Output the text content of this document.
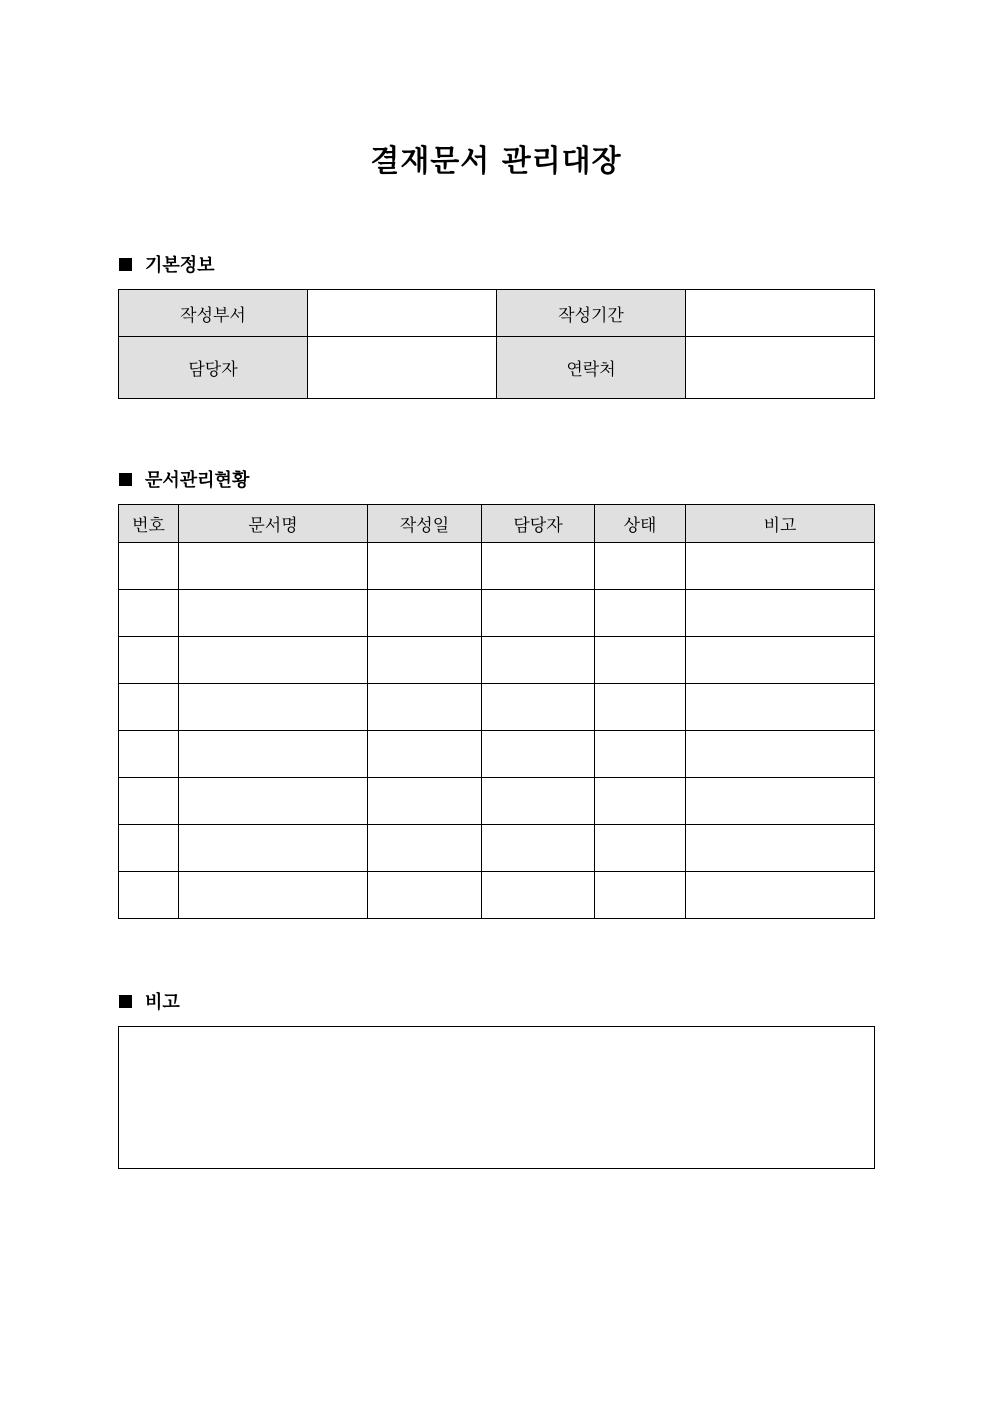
결재문서 관리대장
기본정보
작성부서		작성기간	
담당자		연락처	
문서관리현황
번호	문서명	작성일	담당자	상태	비고

비고
